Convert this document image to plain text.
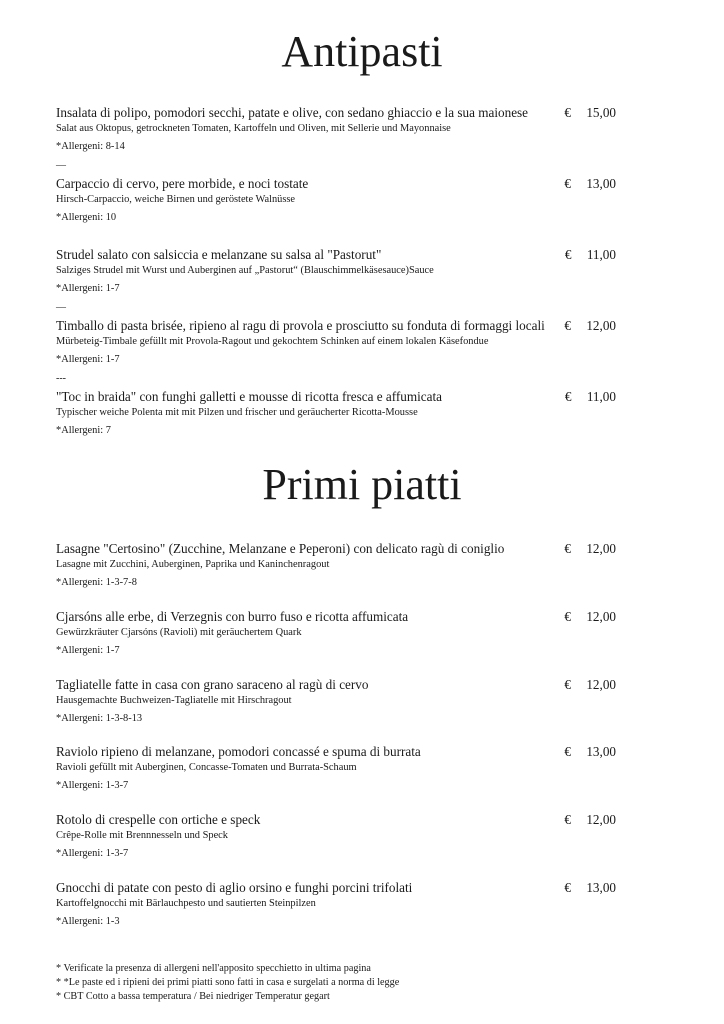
Antipasti
Insalata di polipo, pomodori secchi, patate e olive, con sedano ghiaccio e la sua maionese
Salat aus Oktopus, getrockneten Tomaten, Kartoffeln und Oliven, mit Sellerie und Mayonnaise
*Allergeni: 8-14
€ 15,00
—
Carpaccio di cervo, pere morbide, e noci tostate
Hirsch-Carpaccio, weiche Birnen und geröstete Walnüsse
*Allergeni: 10
€ 13,00
Strudel salato con salsiccia e melanzane su salsa al "Pastorut"
Salziges Strudel mit Wurst und Auberginen auf „Pastorut“ (Blauschimmelkäsesauce)Sauce
*Allergeni: 1-7
€ 11,00
—
Timballo di pasta brisée, ripieno al ragu di provola e prosciutto su fonduta di formaggi locali
Mürbeteig-Timbale gefüllt mit Provola-Ragout und gekochtem Schinken auf einem lokalen Käsefondue
*Allergeni: 1-7
€ 12,00
---
"Toc in braida" con funghi galletti e mousse di ricotta fresca e affumicata
Typischer weiche Polenta mit mit Pilzen und frischer und geräucherter Ricotta-Mousse
*Allergeni: 7
€ 11,00
Primi piatti
Lasagne "Certosino" (Zucchine, Melanzane e Peperoni) con delicato ragù di coniglio
Lasagne mit Zucchini, Auberginen, Paprika und Kaninchenragout
*Allergeni: 1-3-7-8
€ 12,00
Cjarsóns alle erbe, di Verzegnis con burro fuso e ricotta affumicata
Gewürzkräuter Cjarsóns (Ravioli) mit geräuchertem Quark
*Allergeni: 1-7
€ 12,00
Tagliatelle fatte in casa con grano saraceno al ragù di cervo
Hausgemachte Buchweizen-Tagliatelle mit Hirschragout
*Allergeni: 1-3-8-13
€ 12,00
Raviolo ripieno di melanzane, pomodori concassé e spuma di burrata
Ravioli gefüllt mit Auberginen, Concasse-Tomaten und Burrata-Schaum
*Allergeni: 1-3-7
€ 13,00
Rotolo di crespelle con ortiche e speck
Crêpe-Rolle mit Brennnesseln und Speck
*Allergeni: 1-3-7
€ 12,00
Gnocchi di patate con pesto di aglio orsino e funghi porcini trifolati
Kartoffelgnocchi mit Bärlauchpesto und sautierten Steinpilzen
*Allergeni: 1-3
€ 13,00
* Verificate la presenza di allergeni nell'apposito specchietto in ultima pagina
* *Le paste ed i ripieni dei primi piatti sono fatti in casa e surgelati a norma di legge
* CBT Cotto a bassa temperatura / Bei niedriger Temperatur gegart
